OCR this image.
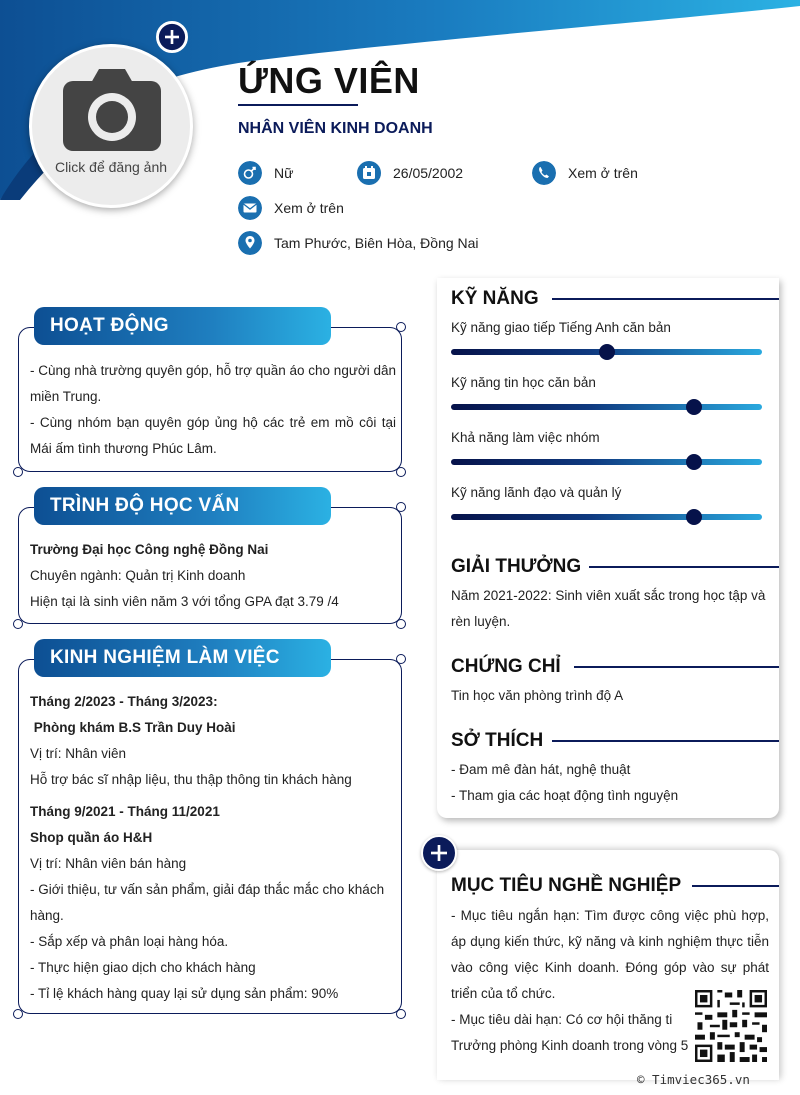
Click để đăng ảnh
ỨNG VIÊN
NHÂN VIÊN KINH DOANH
Nữ	26/05/2002	Xem ở trên
Xem ở trên
Tam Phước, Biên Hòa, Đồng Nai
HOẠT ĐỘNG

- Cùng nhà trường quyên góp, hỗ trợ quần áo cho người dân miền Trung.

- Cùng nhóm bạn quyên góp ủng hộ các trẻ em mồ côi tại Mái ấm tình thương Phúc Lâm.

TRÌNH ĐỘ HỌC VẤN

Trường Đại học Công nghệ Đồng Nai

Chuyên ngành: Quản trị Kinh doanh

Hiện tại là sinh viên năm 3 với tổng GPA đạt 3.79 /4

KINH NGHIỆM LÀM VIỆC

Tháng 2/2023 - Tháng 3/2023:

Phòng khám B.S Trần Duy Hoài

Vị trí: Nhân viên

Hỗ trợ bác sĩ nhập liệu, thu thập thông tin khách hàng

Tháng 9/2021 - Tháng 11/2021

Shop quần áo H&H

Vị trí: Nhân viên bán hàng

- Giới thiệu, tư vấn sản phẩm, giải đáp thắc mắc cho khách hàng.

- Sắp xếp và phân loại hàng hóa.

- Thực hiện giao dịch cho khách hàng

- Tỉ lệ khách hàng quay lại sử dụng sản phẩm: 90%

KỸ NĂNG
Kỹ năng giao tiếp Tiếng Anh căn bản
Kỹ năng tin học căn bản
Khả năng làm việc nhóm
Kỹ năng lãnh đạo và quản lý
GIẢI THƯỞNG
Năm 2021-2022: Sinh viên xuất sắc trong học tập và rèn luyện.
CHỨNG CHỈ
Tin học văn phòng trình độ A
SỞ THÍCH

- Đam mê đàn hát, nghệ thuật

- Tham gia các hoạt động tình nguyện

MỤC TIÊU NGHỀ NGHIỆP

- Mục tiêu ngắn hạn: Tìm được công việc phù hợp, áp dụng kiến thức, kỹ năng và kinh nghiệm thực tiễn vào công việc Kinh doanh. Đóng góp vào sự phát triển của tổ chức.

- Mục tiêu dài hạn: Có cơ hội thăng ti

Trưởng phòng Kinh doanh trong vòng 5

© Timviec365.vn
